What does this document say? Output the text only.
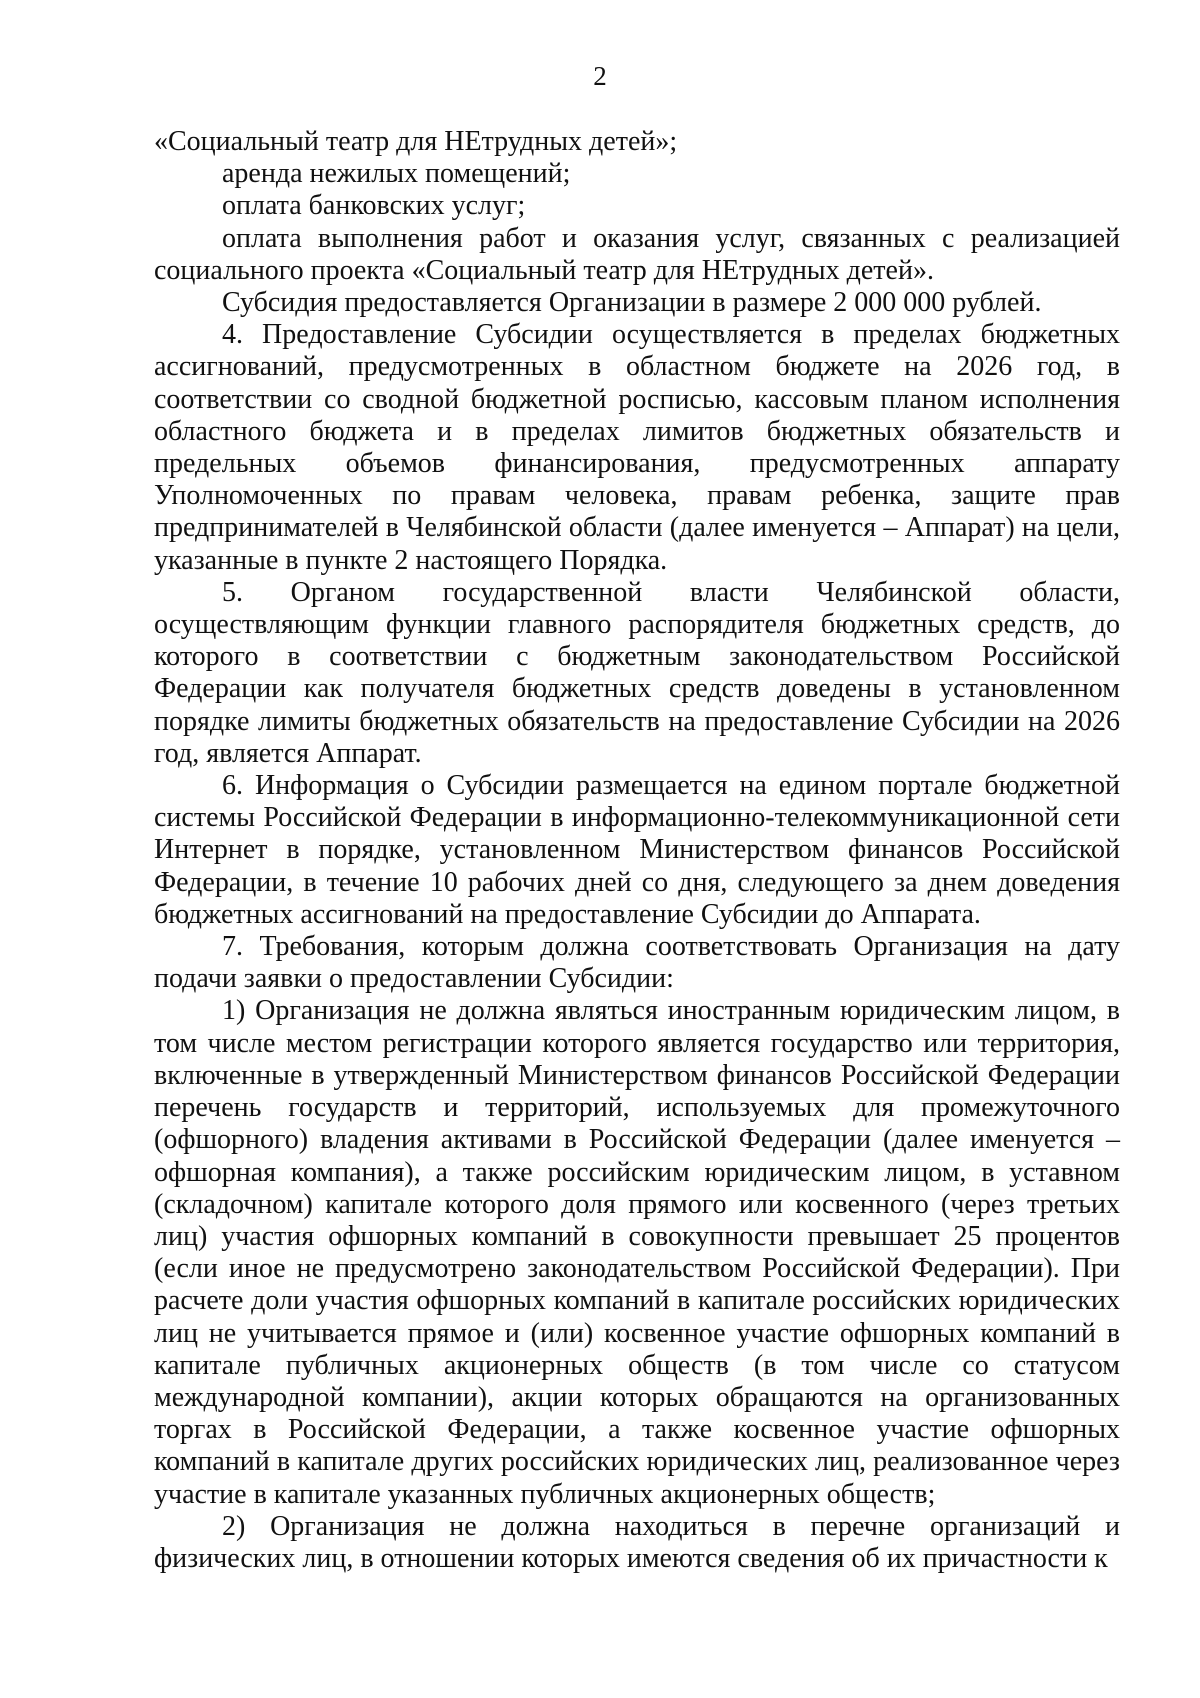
2

«Социальный театр для НЕтрудных детей»;

аренда нежилых помещений;

оплата банковских услуг;

оплата выполнения работ и оказания услуг, связанных с реализацией социального проекта «Социальный театр для НЕтрудных детей».

Субсидия предоставляется Организации в размере 2 000 000 рублей.

4. Предоставление Субсидии осуществляется в пределах бюджетных ассигнований, предусмотренных в областном бюджете на 2026 год, в соответствии со сводной бюджетной росписью, кассовым планом исполнения областного бюджета и в пределах лимитов бюджетных обязательств и предельных объемов финансирования, предусмотренных аппарату Уполномоченных по правам человека, правам ребенка, защите прав предпринимателей в Челябинской области (далее именуется – Аппарат) на цели, указанные в пункте 2 настоящего Порядка.

5. Органом государственной власти Челябинской области, осуществляющим функции главного распорядителя бюджетных средств, до которого в соответствии с бюджетным законодательством Российской Федерации как получателя бюджетных средств доведены в установленном порядке лимиты бюджетных обязательств на предоставление Субсидии на 2026 год, является Аппарат.

6. Информация о Субсидии размещается на едином портале бюджетной системы Российской Федерации в информационно-телекоммуникационной сети Интернет в порядке, установленном Министерством финансов Российской Федерации, в течение 10 рабочих дней со дня, следующего за днем доведения бюджетных ассигнований на предоставление Субсидии до Аппарата.

7. Требования, которым должна соответствовать Организация на дату подачи заявки о предоставлении Субсидии:

1) Организация не должна являться иностранным юридическим лицом, в том числе местом регистрации которого является государство или территория, включенные в утвержденный Министерством финансов Российской Федерации перечень государств и территорий, используемых для промежуточного (офшорного) владения активами в Российской Федерации (далее именуется – офшорная компания), а также российским юридическим лицом, в уставном (складочном) капитале которого доля прямого или косвенного (через третьих лиц) участия офшорных компаний в совокупности превышает 25 процентов (если иное не предусмотрено законодательством Российской Федерации). При расчете доли участия офшорных компаний в капитале российских юридических лиц не учитывается прямое и (или) косвенное участие офшорных компаний в капитале публичных акционерных обществ (в том числе со статусом международной компании), акции которых обращаются на организованных торгах в Российской Федерации, а также косвенное участие офшорных компаний в капитале других российских юридических лиц, реализованное через участие в капитале указанных публичных акционерных обществ;

2) Организация не должна находиться в перечне организаций и физических лиц, в отношении которых имеются сведения об их причастности к
